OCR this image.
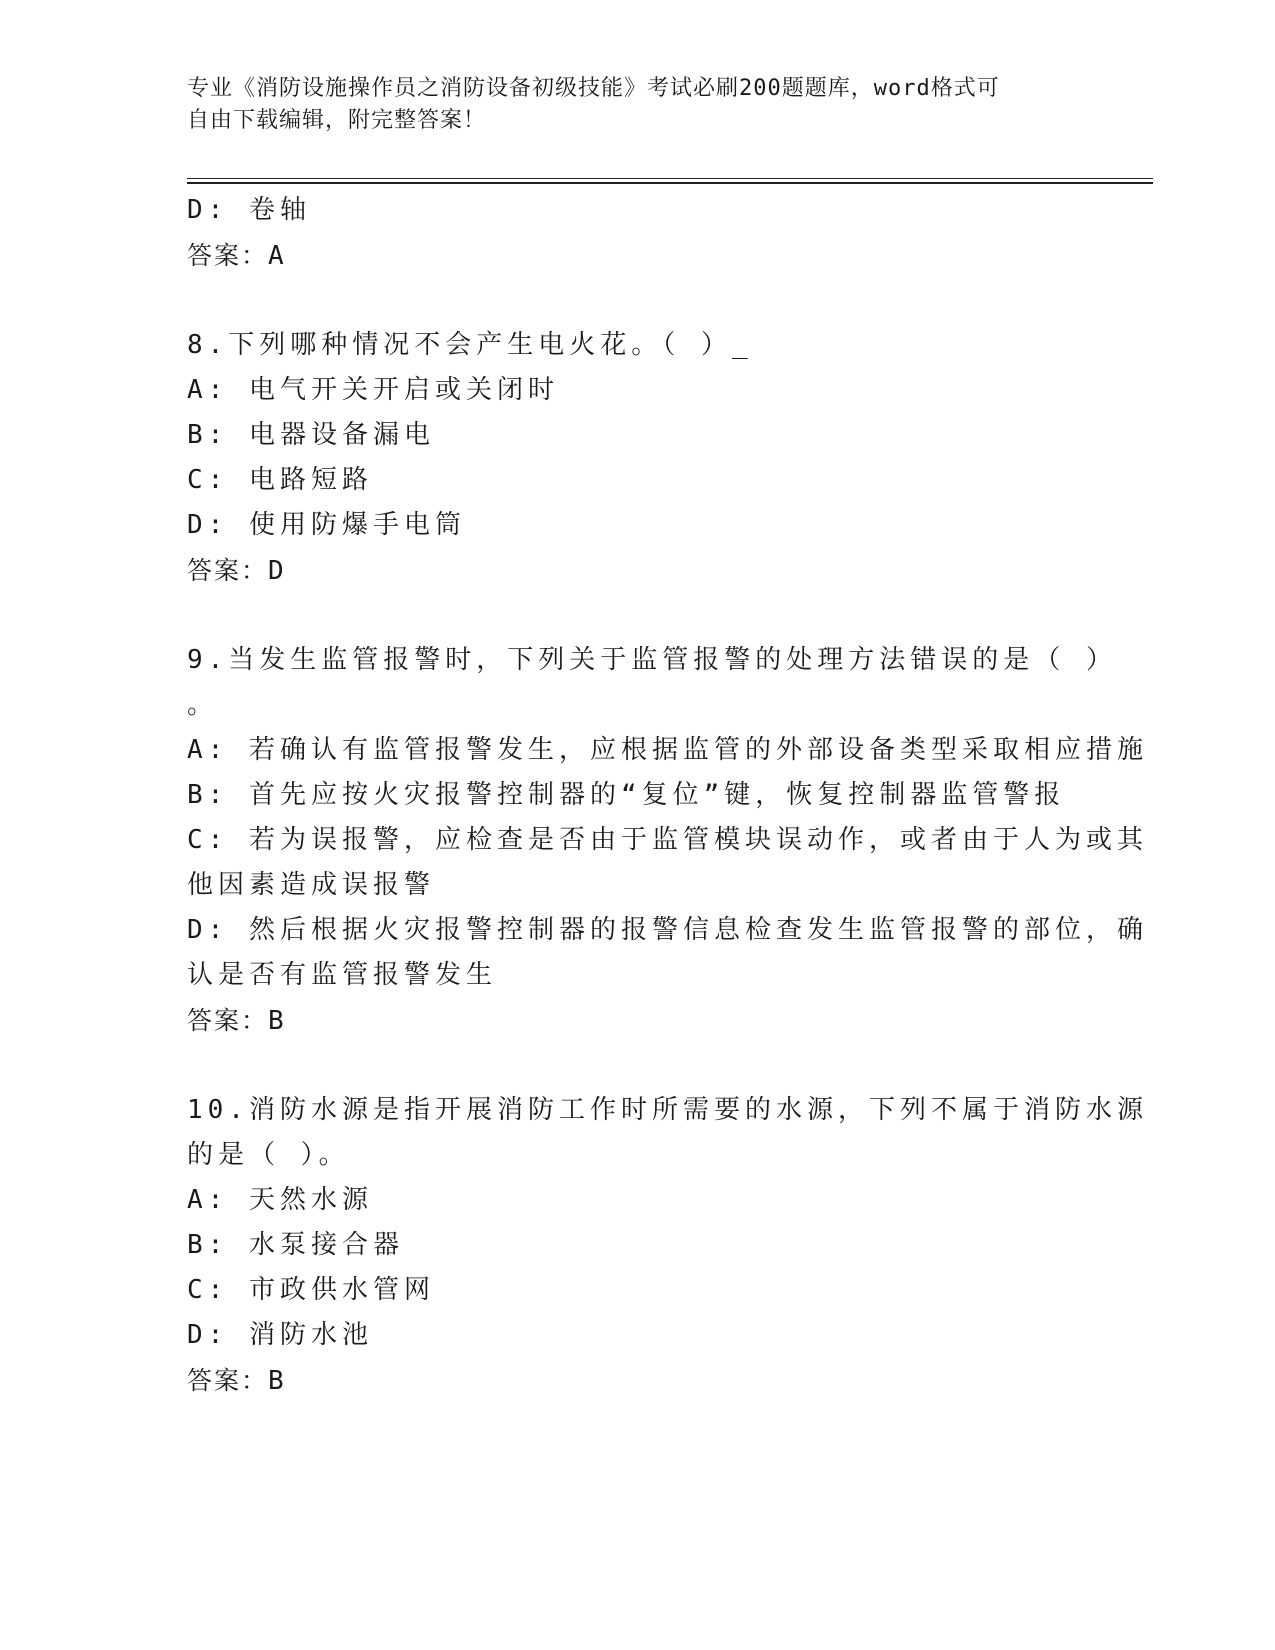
专业《消防设施操作员之消防设备初级技能》考试必刷200题题库，word格式可
自由下载编辑，附完整答案！
D: 卷轴
答案：A
8.下列哪种情况不会产生电火花。（ ）_
A: 电气开关开启或关闭时
B: 电器设备漏电
C: 电路短路
D: 使用防爆手电筒
答案：D
9.当发生监管报警时，下列关于监管报警的处理方法错误的是（ ）
。
A: 若确认有监管报警发生，应根据监管的外部设备类型采取相应措施
B: 首先应按火灾报警控制器的“复位”键，恢复控制器监管警报
C: 若为误报警，应检查是否由于监管模块误动作，或者由于人为或其
他因素造成误报警
D: 然后根据火灾报警控制器的报警信息检查发生监管报警的部位，确
认是否有监管报警发生
答案：B
10.消防水源是指开展消防工作时所需要的水源，下列不属于消防水源
的是（ ）。
A: 天然水源
B: 水泵接合器
C: 市政供水管网
D: 消防水池
答案：B
